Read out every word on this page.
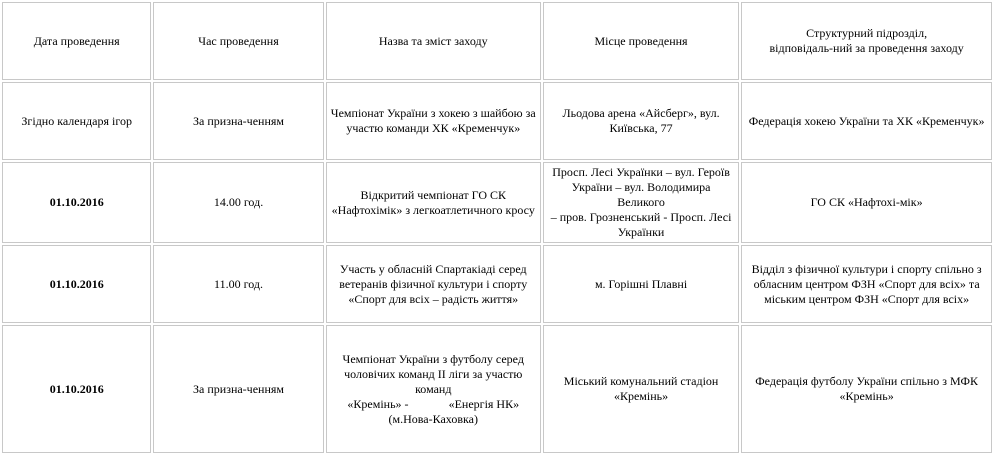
Дата проведення	Час проведення	Назва та зміст заходу	Місце проведення	Структурний підрозділ,
відповідаль-ний за проведення заходу

Згідно календаря ігор	За призна-ченням	Чемпіонат України з хокею з шайбою за
участю команди ХК «Кременчук»	Льодова арена «Айсберг», вул.
Київська, 77	Федерація хокею України та ХК «Кременчук»

01.10.2016	14.00 год.	Відкритий чемпіонат ГО СК
«Нафтохімік» з легкоатлетичного кросу	Просп. Лесі Українки – вул. Героїв
України – вул. Володимира Великого
– пров. Грозненський - Просп. Лесі
Українки	ГО СК «Нафтохі-мік»

01.10.2016	11.00 год.	Участь у обласній Спартакіаді серед
ветеранів фізичної культури і спорту
«Спорт для всіх – радість життя»	м. Горішні Плавні	Відділ з фізичної культури і спорту спільно з
обласним центром ФЗН «Спорт для всіх» та
міським центром ФЗН «Спорт для всіх»

01.10.2016	За призна-ченням	Чемпіонат України з футболу серед
чоловічих команд ІІ ліги за участю
команд
«Кремінь» - «Енергія НК»
(м.Нова-Каховка)	Міський комунальний стадіон
«Кремінь»	Федерація футболу України спільно з МФК
«Кремінь»
